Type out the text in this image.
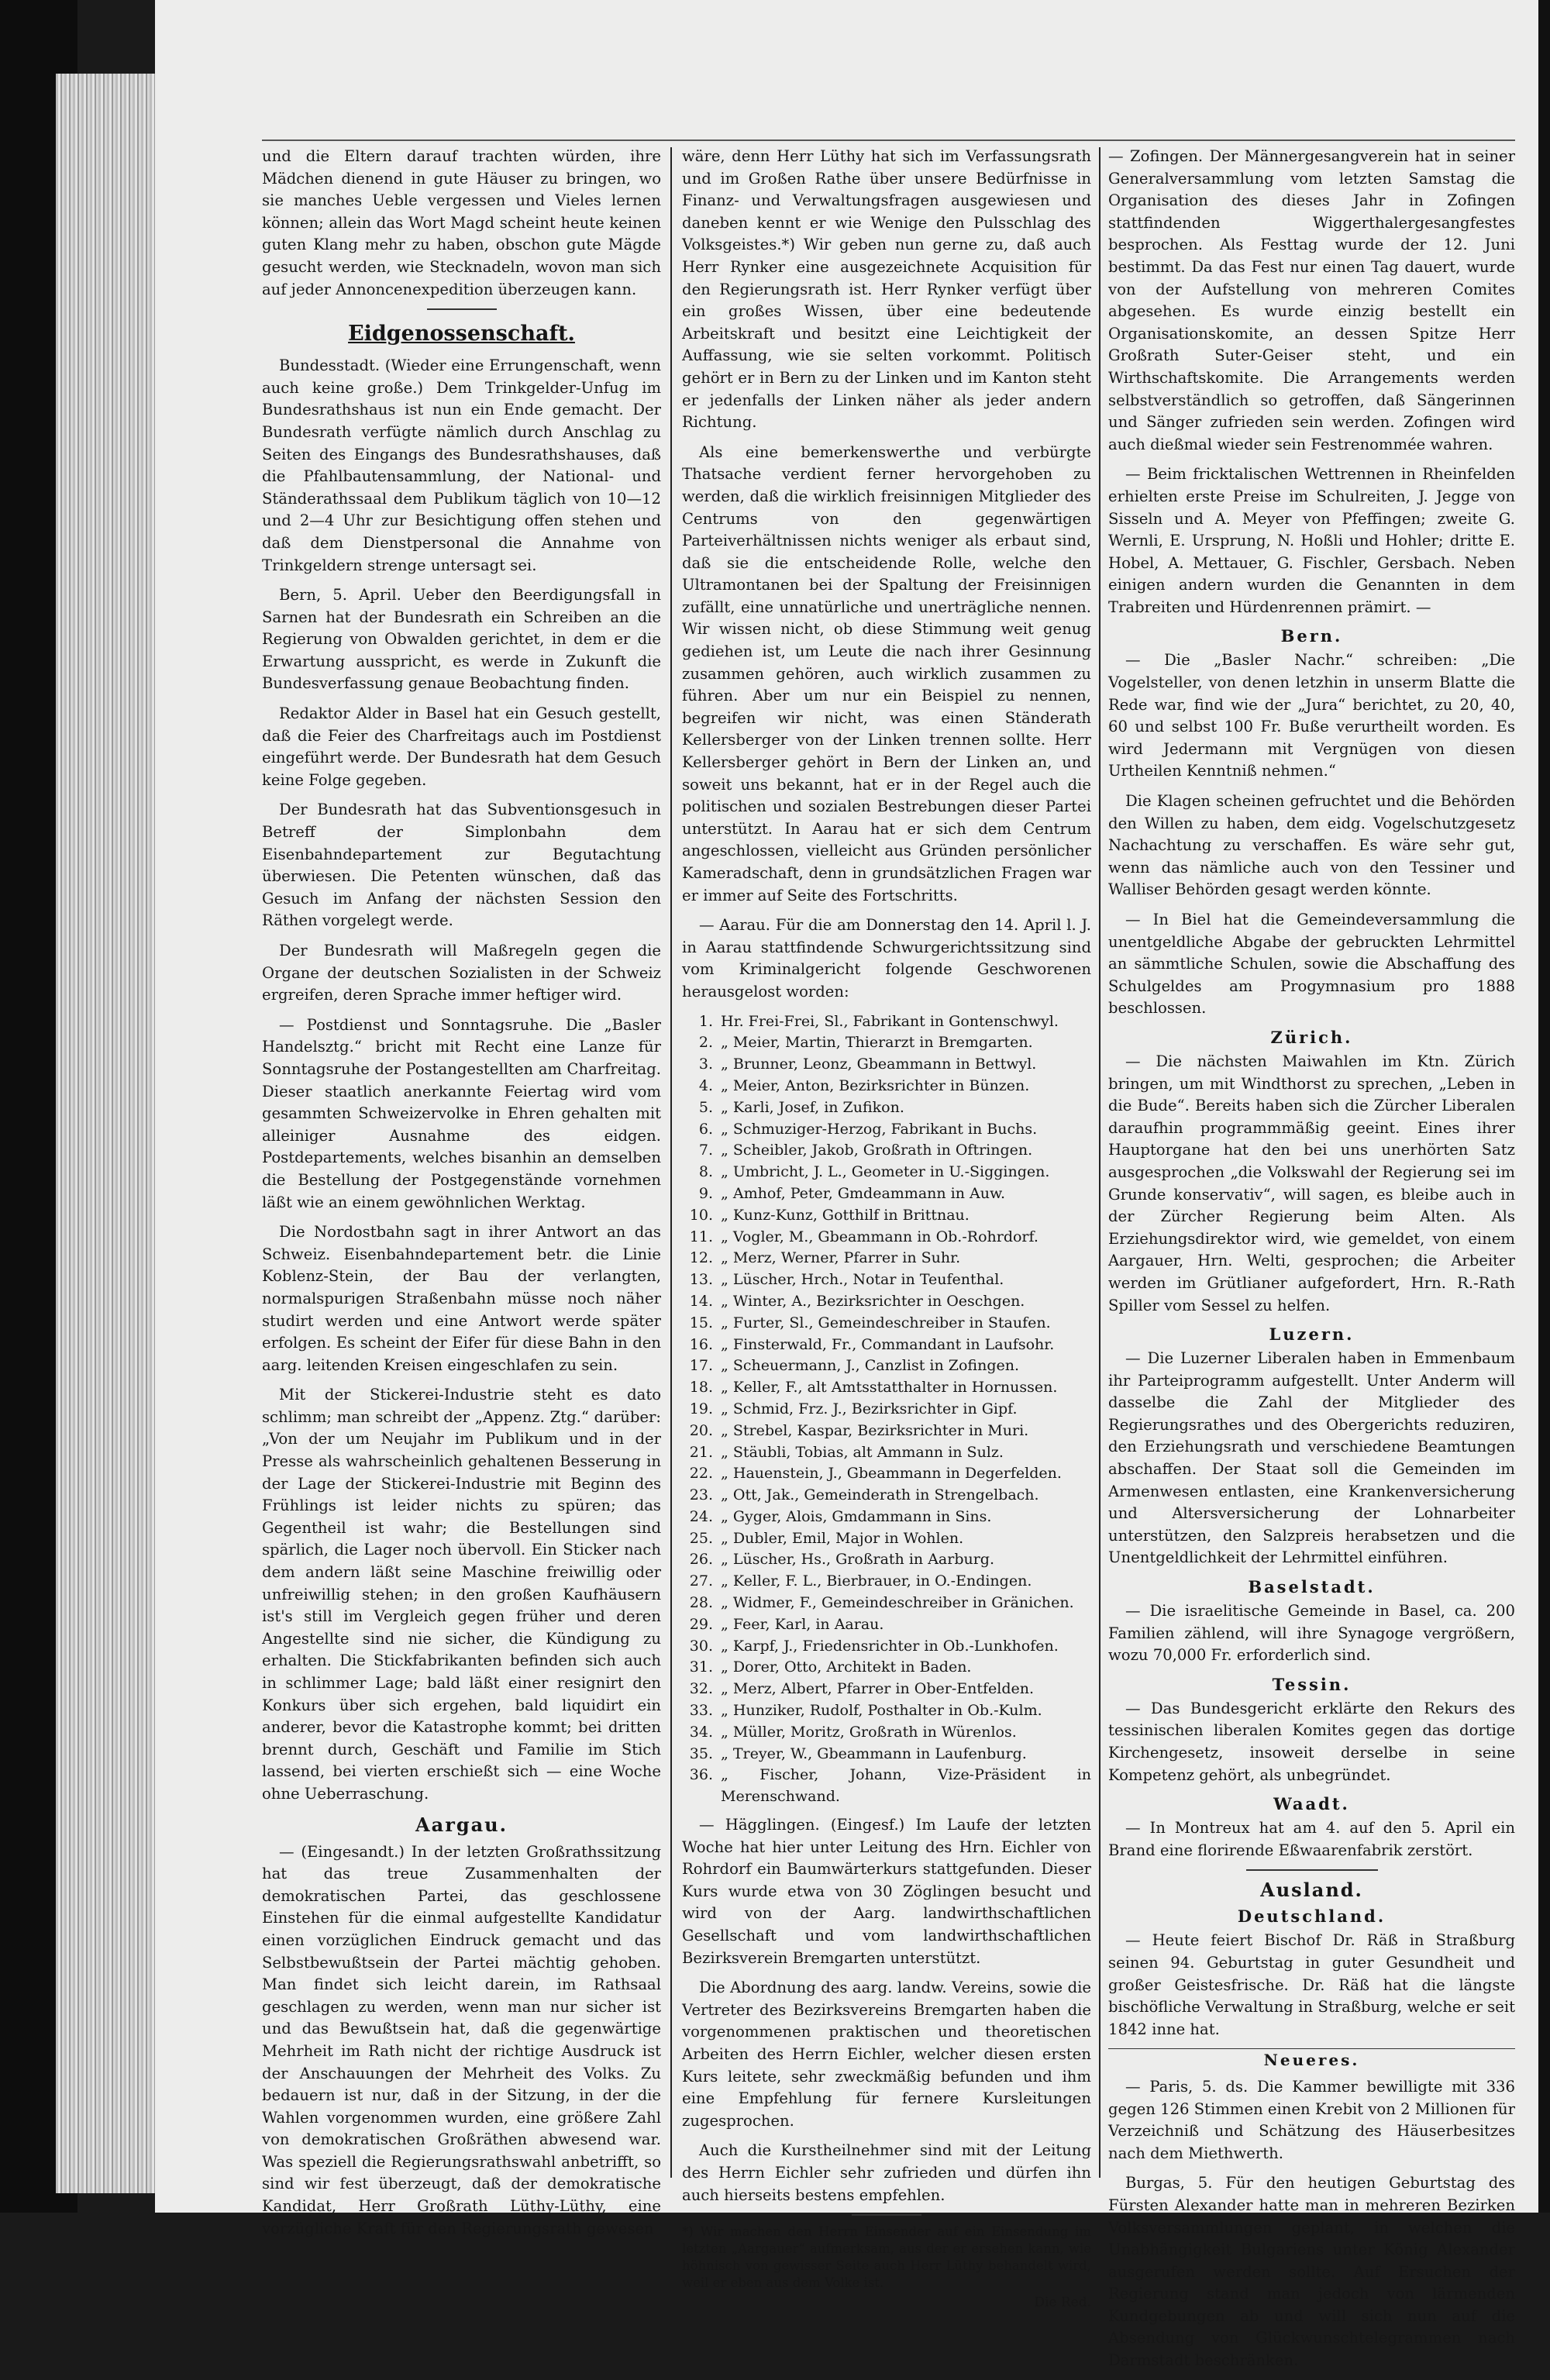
und die Eltern darauf trachten würden, ihre Mädchen dienend in gute Häuser zu bringen, wo sie manches Ueble vergessen und Vieles lernen können; allein das Wort Magd scheint heute keinen guten Klang mehr zu haben, obschon gute Mägde gesucht werden, wie Stecknadeln, wovon man sich auf jeder Annoncenexpedition überzeugen kann.

Eidgenossenschaft.

Bundesstadt. (Wieder eine Errungenschaft, wenn auch keine große.) Dem Trinkgelder-Unfug im Bundesrathshaus ist nun ein Ende gemacht. Der Bundesrath verfügte nämlich durch Anschlag zu Seiten des Eingangs des Bundesrathshauses, daß die Pfahlbautensammlung, der National- und Ständerathssaal dem Publikum täglich von 10—12 und 2—4 Uhr zur Besichtigung offen stehen und daß dem Dienstpersonal die Annahme von Trinkgeldern strenge untersagt sei.

Bern, 5. April. Ueber den Beerdigungsfall in Sarnen hat der Bundesrath ein Schreiben an die Regierung von Obwalden gerichtet, in dem er die Erwartung ausspricht, es werde in Zukunft die Bundesverfassung genaue Beobachtung finden.

Redaktor Alder in Basel hat ein Gesuch gestellt, daß die Feier des Charfreitags auch im Postdienst eingeführt werde. Der Bundesrath hat dem Gesuch keine Folge gegeben.

Der Bundesrath hat das Subventionsgesuch in Betreff der Simplonbahn dem Eisenbahndepartement zur Begutachtung überwiesen. Die Petenten wünschen, daß das Gesuch im Anfang der nächsten Session den Räthen vorgelegt werde.

Der Bundesrath will Maßregeln gegen die Organe der deutschen Sozialisten in der Schweiz ergreifen, deren Sprache immer heftiger wird.

— Postdienst und Sonntagsruhe. Die „Basler Handelsztg.“ bricht mit Recht eine Lanze für Sonntagsruhe der Postangestellten am Charfreitag. Dieser staatlich anerkannte Feiertag wird vom gesammten Schweizervolke in Ehren gehalten mit alleiniger Ausnahme des eidgen. Postdepartements, welches bisanhin an demselben die Bestellung der Postgegenstände vornehmen läßt wie an einem gewöhnlichen Werktag.

Die Nordostbahn sagt in ihrer Antwort an das Schweiz. Eisenbahndepartement betr. die Linie Koblenz-Stein, der Bau der verlangten, normalspurigen Straßenbahn müsse noch näher studirt werden und eine Antwort werde später erfolgen. Es scheint der Eifer für diese Bahn in den aarg. leitenden Kreisen eingeschlafen zu sein.

Mit der Stickerei-Industrie steht es dato schlimm; man schreibt der „Appenz. Ztg.“ darüber: „Von der um Neujahr im Publikum und in der Presse als wahrscheinlich gehaltenen Besserung in der Lage der Stickerei-Industrie mit Beginn des Frühlings ist leider nichts zu spüren; das Gegentheil ist wahr; die Bestellungen sind spärlich, die Lager noch übervoll. Ein Sticker nach dem andern läßt seine Maschine freiwillig oder unfreiwillig stehen; in den großen Kaufhäusern ist's still im Vergleich gegen früher und deren Angestellte sind nie sicher, die Kündigung zu erhalten. Die Stickfabrikanten befinden sich auch in schlimmer Lage; bald läßt einer resignirt den Konkurs über sich ergehen, bald liquidirt ein anderer, bevor die Katastrophe kommt; bei dritten brennt durch, Geschäft und Familie im Stich lassend, bei vierten erschießt sich — eine Woche ohne Ueberraschung.

Aargau.

— (Eingesandt.) In der letzten Großrathssitzung hat das treue Zusammenhalten der demokratischen Partei, das geschlossene Einstehen für die einmal aufgestellte Kandidatur einen vorzüglichen Eindruck gemacht und das Selbstbewußtsein der Partei mächtig gehoben. Man findet sich leicht darein, im Rathsaal geschlagen zu werden, wenn man nur sicher ist und das Bewußtsein hat, daß die gegenwärtige Mehrheit im Rath nicht der richtige Ausdruck ist der Anschauungen der Mehrheit des Volks. Zu bedauern ist nur, daß in der Sitzung, in der die Wahlen vorgenommen wurden, eine größere Zahl von demokratischen Großräthen abwesend war. Was speziell die Regierungsrathswahl anbetrifft, so sind wir fest überzeugt, daß der demokratische Kandidat, Herr Großrath Lüthy-Lüthy, eine vorzügliche Kraft für den Regierungsrath gewesen

wäre, denn Herr Lüthy hat sich im Verfassungsrath und im Großen Rathe über unsere Bedürfnisse in Finanz- und Verwaltungsfragen ausgewiesen und daneben kennt er wie Wenige den Pulsschlag des Volksgeistes.*) Wir geben nun gerne zu, daß auch Herr Rynker eine ausgezeichnete Acquisition für den Regierungsrath ist. Herr Rynker verfügt über ein großes Wissen, über eine bedeutende Arbeitskraft und besitzt eine Leichtigkeit der Auffassung, wie sie selten vorkommt. Politisch gehört er in Bern zu der Linken und im Kanton steht er jedenfalls der Linken näher als jeder andern Richtung.

Als eine bemerkenswerthe und verbürgte Thatsache verdient ferner hervorgehoben zu werden, daß die wirklich freisinnigen Mitglieder des Centrums von den gegenwärtigen Parteiverhältnissen nichts weniger als erbaut sind, daß sie die entscheidende Rolle, welche den Ultramontanen bei der Spaltung der Freisinnigen zufällt, eine unnatürliche und unerträgliche nennen. Wir wissen nicht, ob diese Stimmung weit genug gediehen ist, um Leute die nach ihrer Gesinnung zusammen gehören, auch wirklich zusammen zu führen. Aber um nur ein Beispiel zu nennen, begreifen wir nicht, was einen Ständerath Kellersberger von der Linken trennen sollte. Herr Kellersberger gehört in Bern der Linken an, und soweit uns bekannt, hat er in der Regel auch die politischen und sozialen Bestrebungen dieser Partei unterstützt. In Aarau hat er sich dem Centrum angeschlossen, vielleicht aus Gründen persönlicher Kameradschaft, denn in grundsätzlichen Fragen war er immer auf Seite des Fortschritts.

— Aarau. Für die am Donnerstag den 14. April l. J. in Aarau stattfindende Schwurgerichtssitzung sind vom Kriminalgericht folgende Geschworenen herausgelost worden:

1. Hr. Frei-Frei, Sl., Fabrikant in Gontenschwyl.
2. „ Meier, Martin, Thierarzt in Bremgarten.
3. „ Brunner, Leonz, Gbeammann in Bettwyl.
4. „ Meier, Anton, Bezirksrichter in Bünzen.
5. „ Karli, Josef, in Zufikon.
6. „ Schmuziger-Herzog, Fabrikant in Buchs.
7. „ Scheibler, Jakob, Großrath in Oftringen.
8. „ Umbricht, J. L., Geometer in U.-Siggingen.
9. „ Amhof, Peter, Gmdeammann in Auw.
10. „ Kunz-Kunz, Gotthilf in Brittnau.
11. „ Vogler, M., Gbeammann in Ob.-Rohrdorf.
12. „ Merz, Werner, Pfarrer in Suhr.
13. „ Lüscher, Hrch., Notar in Teufenthal.
14. „ Winter, A., Bezirksrichter in Oeschgen.
15. „ Furter, Sl., Gemeindeschreiber in Staufen.
16. „ Finsterwald, Fr., Commandant in Laufsohr.
17. „ Scheuermann, J., Canzlist in Zofingen.
18. „ Keller, F., alt Amtsstatthalter in Hornussen.
19. „ Schmid, Frz. J., Bezirksrichter in Gipf.
20. „ Strebel, Kaspar, Bezirksrichter in Muri.
21. „ Stäubli, Tobias, alt Ammann in Sulz.
22. „ Hauenstein, J., Gbeammann in Degerfelden.
23. „ Ott, Jak., Gemeinderath in Strengelbach.
24. „ Gyger, Alois, Gmdammann in Sins.
25. „ Dubler, Emil, Major in Wohlen.
26. „ Lüscher, Hs., Großrath in Aarburg.
27. „ Keller, F. L., Bierbrauer, in O.-Endingen.
28. „ Widmer, F., Gemeindeschreiber in Gränichen.
29. „ Feer, Karl, in Aarau.
30. „ Karpf, J., Friedensrichter in Ob.-Lunkhofen.
31. „ Dorer, Otto, Architekt in Baden.
32. „ Merz, Albert, Pfarrer in Ober-Entfelden.
33. „ Hunziker, Rudolf, Posthalter in Ob.-Kulm.
34. „ Müller, Moritz, Großrath in Würenlos.
35. „ Treyer, W., Gbeammann in Laufenburg.
36. „ Fischer, Johann, Vize-Präsident in Merenschwand.

— Hägglingen. (Eingesf.) Im Laufe der letzten Woche hat hier unter Leitung des Hrn. Eichler von Rohrdorf ein Baumwärterkurs stattgefunden. Dieser Kurs wurde etwa von 30 Zöglingen besucht und wird von der Aarg. landwirthschaftlichen Gesellschaft und vom landwirthschaftlichen Bezirksverein Bremgarten unterstützt.

Die Abordnung des aarg. landw. Vereins, sowie die Vertreter des Bezirksvereins Bremgarten haben die vorgenommenen praktischen und theoretischen Arbeiten des Herrn Eichler, welcher diesen ersten Kurs leitete, sehr zweckmäßig befunden und ihm eine Empfehlung für fernere Kursleitungen zugesprochen.

Auch die Kurstheilnehmer sind mit der Leitung des Herrn Eichler sehr zufrieden und dürfen ihn auch hierseits bestens empfehlen.

*) Wir machen den Herrn Einsender auf ein Einsendung im letzten „Aargauer“ aufmerksam, aus der er ersehen kann, wie höhnisch von gewisser Seite auch Herr Lüthy behandelt wird, weil er eben aus dem Volke ist.
Die Red.

— Zofingen. Der Männergesangverein hat in seiner Generalversammlung vom letzten Samstag die Organisation des dieses Jahr in Zofingen stattfindenden Wiggerthalergesangfestes besprochen. Als Festtag wurde der 12. Juni bestimmt. Da das Fest nur einen Tag dauert, wurde von der Aufstellung von mehreren Comites abgesehen. Es wurde einzig bestellt ein Organisationskomite, an dessen Spitze Herr Großrath Suter-Geiser steht, und ein Wirthschaftskomite. Die Arrangements werden selbstverständlich so getroffen, daß Sängerinnen und Sänger zufrieden sein werden. Zofingen wird auch dießmal wieder sein Festrenommée wahren.

— Beim fricktalischen Wettrennen in Rheinfelden erhielten erste Preise im Schulreiten, J. Jegge von Sisseln und A. Meyer von Pfeffingen; zweite G. Wernli, E. Ursprung, N. Hoßli und Hohler; dritte E. Hobel, A. Mettauer, G. Fischler, Gersbach. Neben einigen andern wurden die Genannten in dem Trabreiten und Hürdenrennen prämirt. —

Bern.

— Die „Basler Nachr.“ schreiben: „Die Vogelsteller, von denen letzhin in unserm Blatte die Rede war, find wie der „Jura“ berichtet, zu 20, 40, 60 und selbst 100 Fr. Buße verurtheilt worden. Es wird Jedermann mit Vergnügen von diesen Urtheilen Kenntniß nehmen.“

Die Klagen scheinen gefruchtet und die Behörden den Willen zu haben, dem eidg. Vogelschutzgesetz Nachachtung zu verschaffen. Es wäre sehr gut, wenn das nämliche auch von den Tessiner und Walliser Behörden gesagt werden könnte.

— In Biel hat die Gemeindeversammlung die unentgeldliche Abgabe der gebruckten Lehrmittel an sämmtliche Schulen, sowie die Abschaffung des Schulgeldes am Progymnasium pro 1888 beschlossen.

Zürich.

— Die nächsten Maiwahlen im Ktn. Zürich bringen, um mit Windthorst zu sprechen, „Leben in die Bude“. Bereits haben sich die Zürcher Liberalen daraufhin programmmäßig geeint. Eines ihrer Hauptorgane hat den bei uns unerhörten Satz ausgesprochen „die Volkswahl der Regierung sei im Grunde konservativ“, will sagen, es bleibe auch in der Zürcher Regierung beim Alten. Als Erziehungsdirektor wird, wie gemeldet, von einem Aargauer, Hrn. Welti, gesprochen; die Arbeiter werden im Grütlianer aufgefordert, Hrn. R.-Rath Spiller vom Sessel zu helfen.

Luzern.

— Die Luzerner Liberalen haben in Emmenbaum ihr Parteiprogramm aufgestellt. Unter Anderm will dasselbe die Zahl der Mitglieder des Regierungsrathes und des Obergerichts reduziren, den Erziehungsrath und verschiedene Beamtungen abschaffen. Der Staat soll die Gemeinden im Armenwesen entlasten, eine Krankenversicherung und Altersversicherung der Lohnarbeiter unterstützen, den Salzpreis herabsetzen und die Unentgeldlichkeit der Lehrmittel einführen.

Baselstadt.

— Die israelitische Gemeinde in Basel, ca. 200 Familien zählend, will ihre Synagoge vergrößern, wozu 70,000 Fr. erforderlich sind.

Tessin.

— Das Bundesgericht erklärte den Rekurs des tessinischen liberalen Komites gegen das dortige Kirchengesetz, insoweit derselbe in seine Kompetenz gehört, als unbegründet.

Waadt.

— In Montreux hat am 4. auf den 5. April ein Brand eine florirende Eßwaarenfabrik zerstört.

Ausland.
Deutschland.

— Heute feiert Bischof Dr. Räß in Straßburg seinen 94. Geburtstag in guter Gesundheit und großer Geistesfrische. Dr. Räß hat die längste bischöfliche Verwaltung in Straßburg, welche er seit 1842 inne hat.

Neueres.

— Paris, 5. ds. Die Kammer bewilligte mit 336 gegen 126 Stimmen einen Krebit von 2 Millionen für Verzeichniß und Schätzung des Häuserbesitzes nach dem Miethwerth.

Burgas, 5. Für den heutigen Geburtstag des Fürsten Alexander hatte man in mehreren Bezirken Volksversammlungen geplant, in welchen die Unabhängigkeit Bulgariens unter König Alexander ausgerufen werden sollte. Auf Ersuchen der Regierung stand man jedoch von lärmenden Kundgebungen ab und will sich nun auf die Absendung von Glückwunschtelegrammen nach Darmstadt beschränken.
